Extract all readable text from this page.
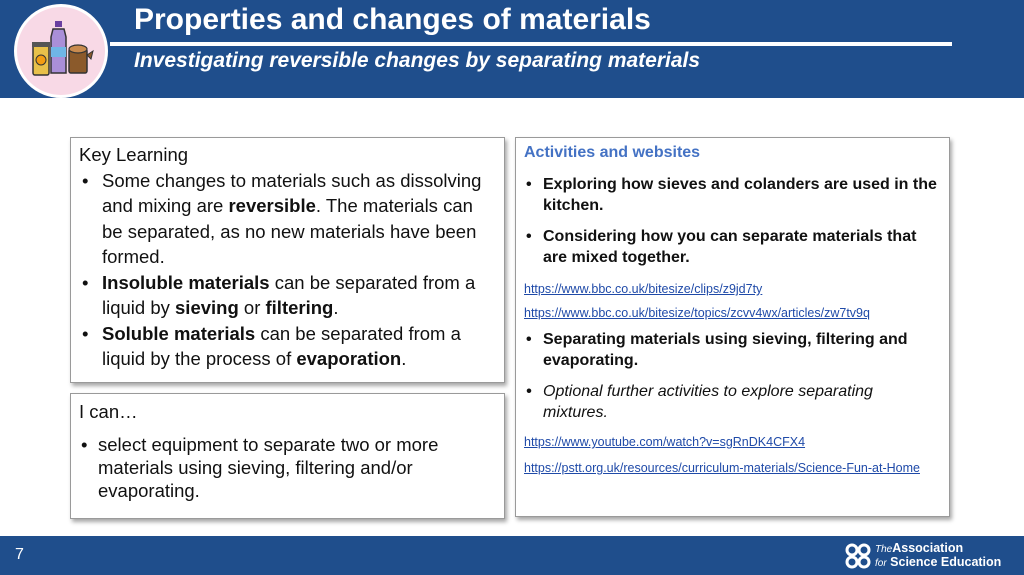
Properties and changes of materials
Investigating reversible changes by separating materials
Key Learning
• Some changes to materials such as dissolving and mixing are reversible. The materials can be separated, as no new materials have been formed.
• Insoluble materials can be separated from a liquid by sieving or filtering.
• Soluble materials can be separated from a liquid by the process of evaporation.
I can…
• select equipment to separate two or more materials using sieving, filtering and/or evaporating.
Activities and websites
• Exploring how sieves and colanders are used in the kitchen.
• Considering how you can separate materials that are mixed together.
https://www.bbc.co.uk/bitesize/clips/z9jd7ty
https://www.bbc.co.uk/bitesize/topics/zcvv4wx/articles/zw7tv9q
• Separating materials using sieving, filtering and evaporating.
• Optional further activities to explore separating mixtures.
https://www.youtube.com/watch?v=sgRnDK4CFX4
https://pstt.org.uk/resources/curriculum-materials/Science-Fun-at-Home
7	TheAssociation
for Science Education
